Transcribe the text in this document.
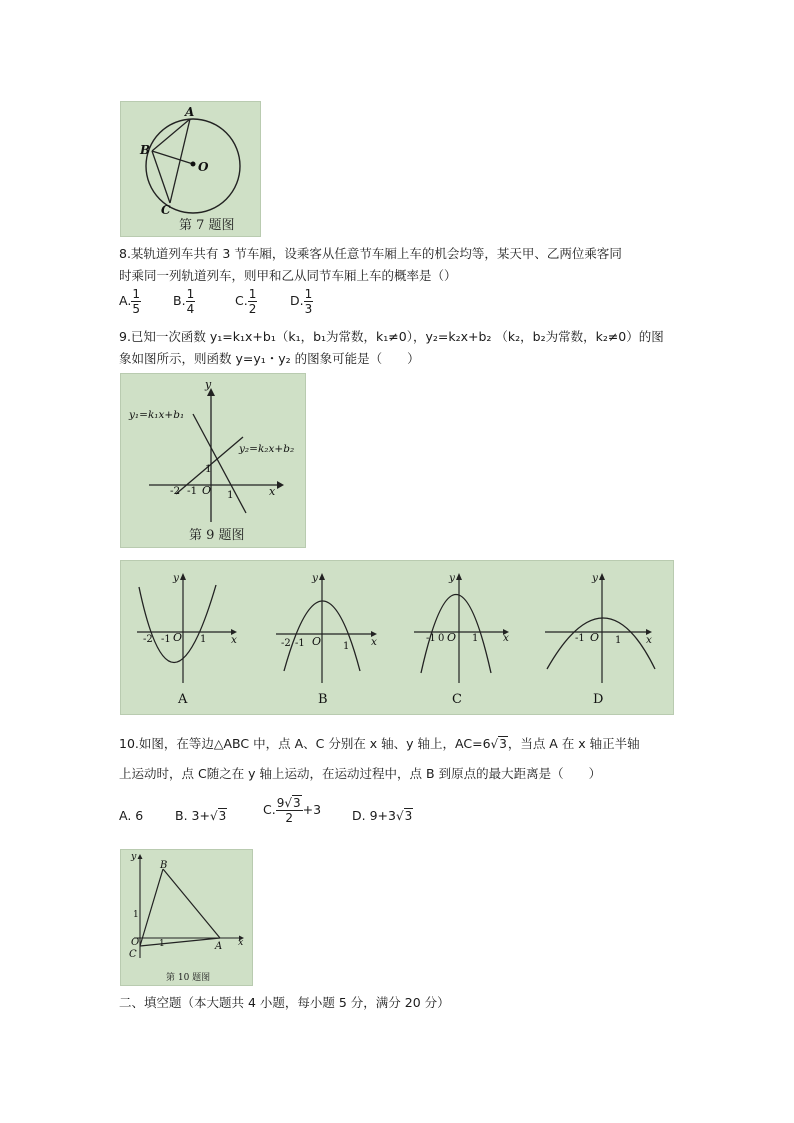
A
B
O
C
第 7 题图
8.某轨道列车共有 3 节车厢，设乘客从任意节车厢上车的机会均等，某天甲、乙两位乘客同
时乘同一列轨道列车，则甲和乙从同节车厢上车的概率是（）
A. $\frac{1}{5}$	B. $\frac{1}{4}$	C. $\frac{1}{2}$	D. $\frac{1}{3}$
9.已知一次函数 y₁=k₁x+b₁（k₁，b₁为常数，k₁≠0），y₂=k₂x+b₂ （k₂，b₂为常数，k₂≠0）的图
象如图所示，则函数 y=y₁・y₂ 的图象可能是（　　）
y₁=k₁x+b₁
y₂=k₂x+b₂
y
x
O
-2 -1	1
1
第 9 题图
y
x
O
-2 -1	1
A
y
x
O
-2 -1	1
B
y
x
O
-1 0	1
C
y
x
O
-1	1
D
10.如图，在等边△ABC 中，点 A、C 分别在 x 轴、y 轴上，AC=6√3，当点 A 在 x 轴正半轴
上运动时，点 C随之在 y 轴上运动，在运动过程中，点 B 到原点的最大距离是（　　）
A. 6	B. 3+√3	C. $\frac{9√3}{2} +3$ D. 9+3√3
B
O
C
A x
y
1
1
第 10 题图
二、填空题（本大题共 4 小题，每小题 5 分，满分 20 分）
